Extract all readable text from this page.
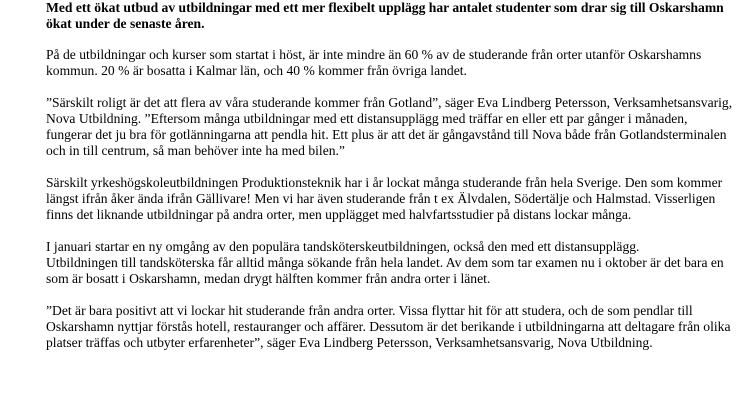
Med ett ökat utbud av utbildningar med ett mer flexibelt upplägg har antalet studenter som drar sig till Oskarshamn ökat under de senaste åren.

På de utbildningar och kurser som startat i höst, är inte mindre än 60 % av de studerande från orter utanför Oskarshamns kommun. 20 % är bosatta i Kalmar län, och 40 % kommer från övriga landet.

”Särskilt roligt är det att flera av våra studerande kommer från Gotland”, säger Eva Lindberg Petersson, Verksamhetsansvarig, Nova Utbildning. ”Eftersom många utbildningar med ett distansupplägg med träffar en eller ett par gånger i månaden, fungerar det ju bra för gotlänningarna att pendla hit. Ett plus är att det är gångavstånd till Nova både från Gotlandsterminalen och in till centrum, så man behöver inte ha med bilen.”

Särskilt yrkeshögskoleutbildningen Produktionsteknik har i år lockat många studerande från hela Sverige. Den som kommer längst ifrån åker ända ifrån Gällivare! Men vi har även studerande från t ex Älvdalen, Södertälje och Halmstad. Visserligen finns det liknande utbildningar på andra orter, men upplägget med halvfartsstudier på distans lockar många.

I januari startar en ny omgång av den populära tandsköterskeutbildningen, också den med ett distansupplägg.

Utbildningen till tandsköterska får alltid många sökande från hela landet. Av dem som tar examen nu i oktober är det bara en som är bosatt i Oskarshamn, medan drygt hälften kommer från andra orter i länet.

”Det är bara positivt att vi lockar hit studerande från andra orter. Vissa flyttar hit för att studera, och de som pendlar till Oskarshamn nyttjar förstås hotell, restauranger och affärer. Dessutom är det berikande i utbildningarna att deltagare från olika platser träffas och utbyter erfarenheter”, säger Eva Lindberg Petersson, Verksamhetsansvarig, Nova Utbildning.
